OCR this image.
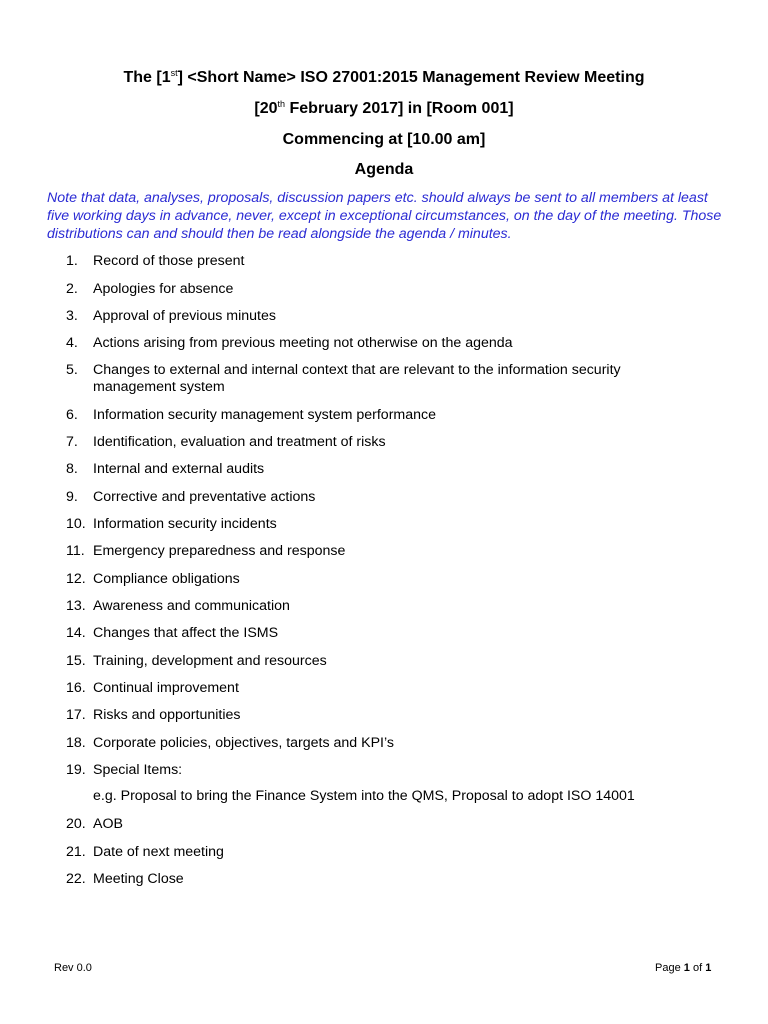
The [1st] <Short Name> ISO 27001:2015 Management Review Meeting
[20th February 2017] in [Room 001]
Commencing at [10.00 am]
Agenda
Note that data, analyses, proposals, discussion papers etc. should always be sent to all members at least five working days in advance, never, except in exceptional circumstances, on the day of the meeting. Those distributions can and should then be read alongside the agenda / minutes.
1.	Record of those present
2.	Apologies for absence
3.	Approval of previous minutes
4.	Actions arising from previous meeting not otherwise on the agenda
5.	Changes to external and internal context that are relevant to the information security management system
6.	Information security management system performance
7.	Identification, evaluation and treatment of risks
8.	Internal and external audits
9.	Corrective and preventative actions
10. Information security incidents
11. Emergency preparedness and response
12. Compliance obligations
13. Awareness and communication
14. Changes that affect the ISMS
15. Training, development and resources
16. Continual improvement
17. Risks and opportunities
18. Corporate policies, objectives, targets and KPI’s
19. Special Items:
20. AOB
21. Date of next meeting
22. Meeting Close
e.g. Proposal to bring the Finance System into the QMS, Proposal to adopt ISO 14001
Rev 0.0	Page 1 of 1
